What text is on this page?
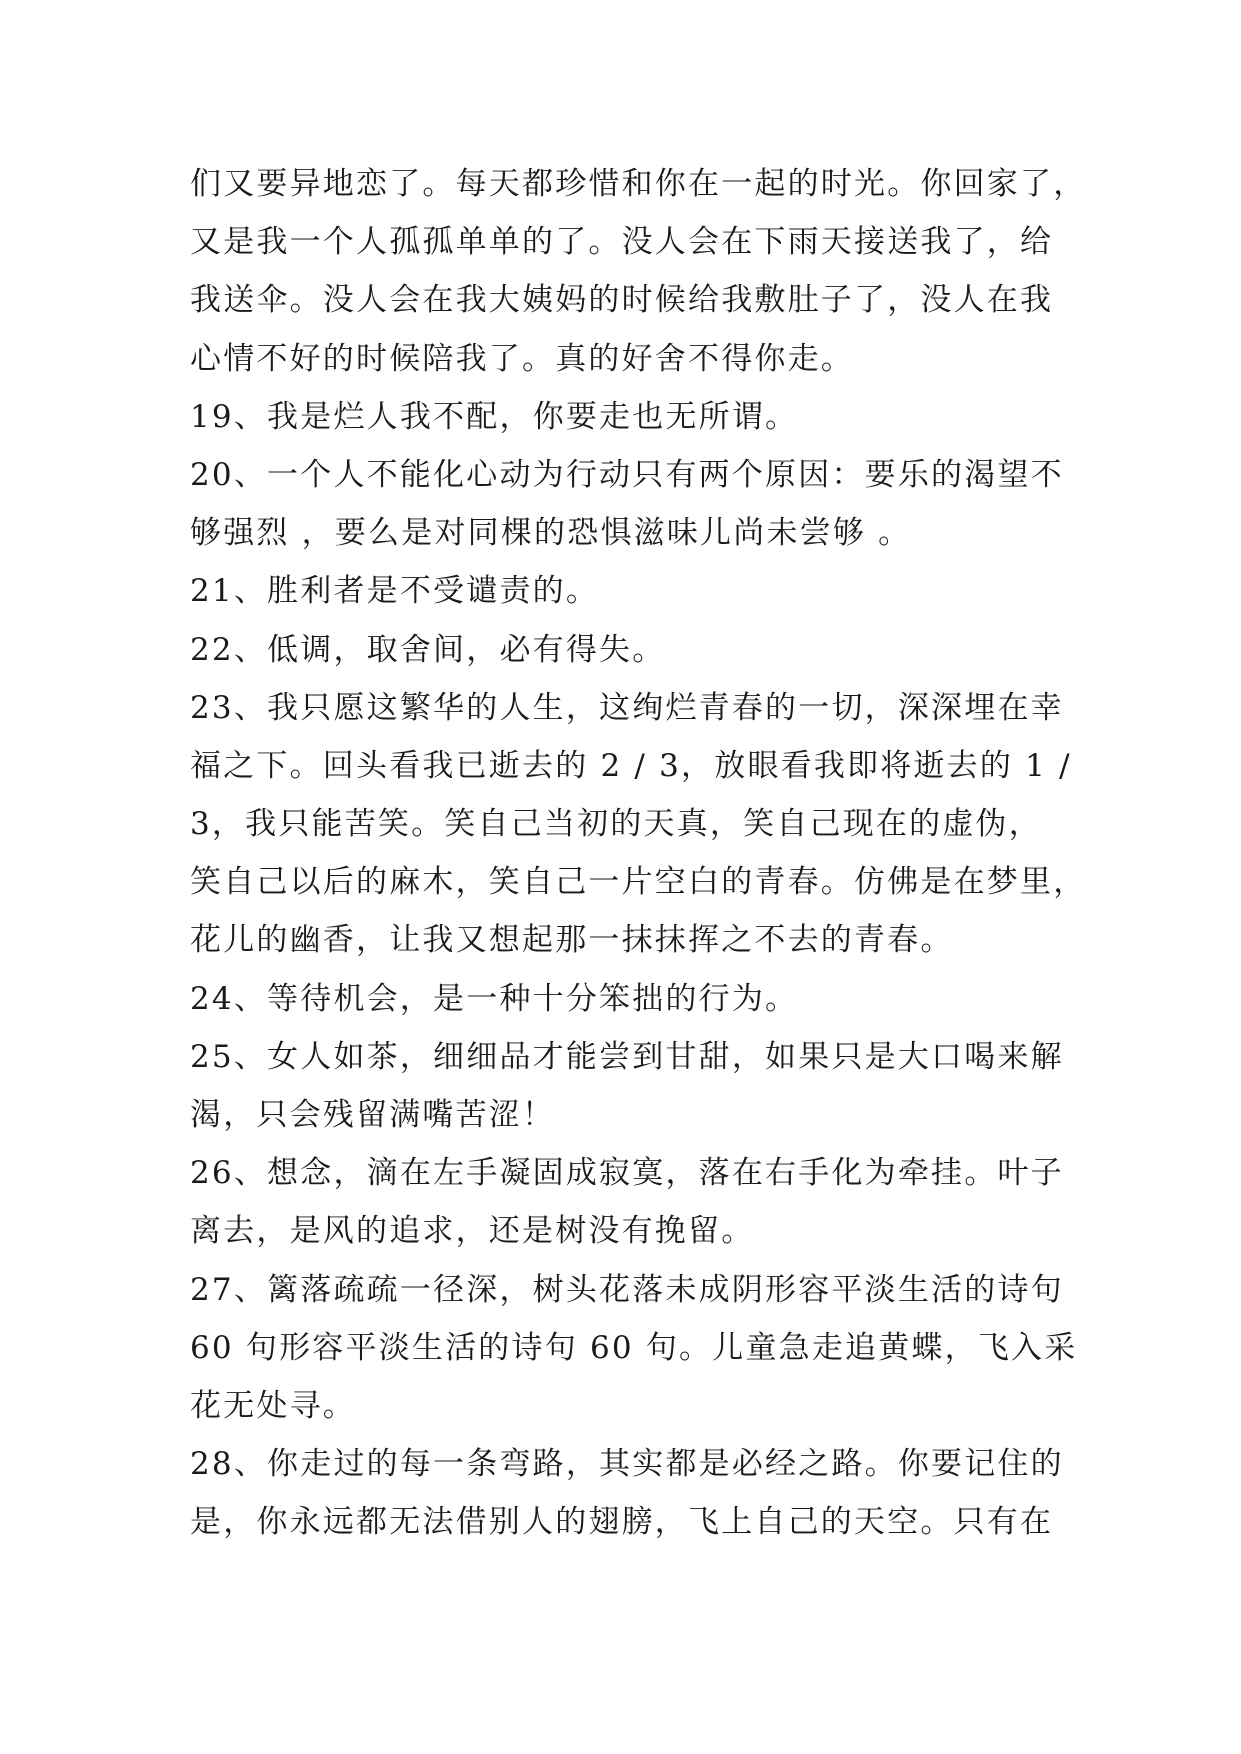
们又要异地恋了。每天都珍惜和你在一起的时光。你回家了，
又是我一个人孤孤单单的了。没人会在下雨天接送我了，给
我送伞。没人会在我大姨妈的时候给我敷肚子了，没人在我
心情不好的时候陪我了。真的好舍不得你走。
19、我是烂人我不配，你要走也无所谓。
20、一个人不能化心动为行动只有两个原因：要乐的渴望不
够强烈 ，要么是对同棵的恐惧滋味儿尚未尝够 。
21、胜利者是不受谴责的。
22、低调，取舍间，必有得失。
23、我只愿这繁华的人生，这绚烂青春的一切，深深埋在幸
福之下。回头看我已逝去的 2 / 3，放眼看我即将逝去的 1 /
3，我只能苦笑。笑自己当初的天真，笑自己现在的虚伪，
笑自己以后的麻木，笑自己一片空白的青春。仿佛是在梦里，
花儿的幽香，让我又想起那一抹抹挥之不去的青春。
24、等待机会，是一种十分笨拙的行为。
25、女人如茶，细细品才能尝到甘甜，如果只是大口喝来解
渴，只会残留满嘴苦涩！
26、想念，滴在左手凝固成寂寞，落在右手化为牵挂。叶子
离去，是风的追求，还是树没有挽留。
27、篱落疏疏一径深，树头花落未成阴形容平淡生活的诗句
60 句形容平淡生活的诗句 60 句。儿童急走追黄蝶，飞入采
花无处寻。
28、你走过的每一条弯路，其实都是必经之路。你要记住的
是，你永远都无法借别人的翅膀，飞上自己的天空。只有在
